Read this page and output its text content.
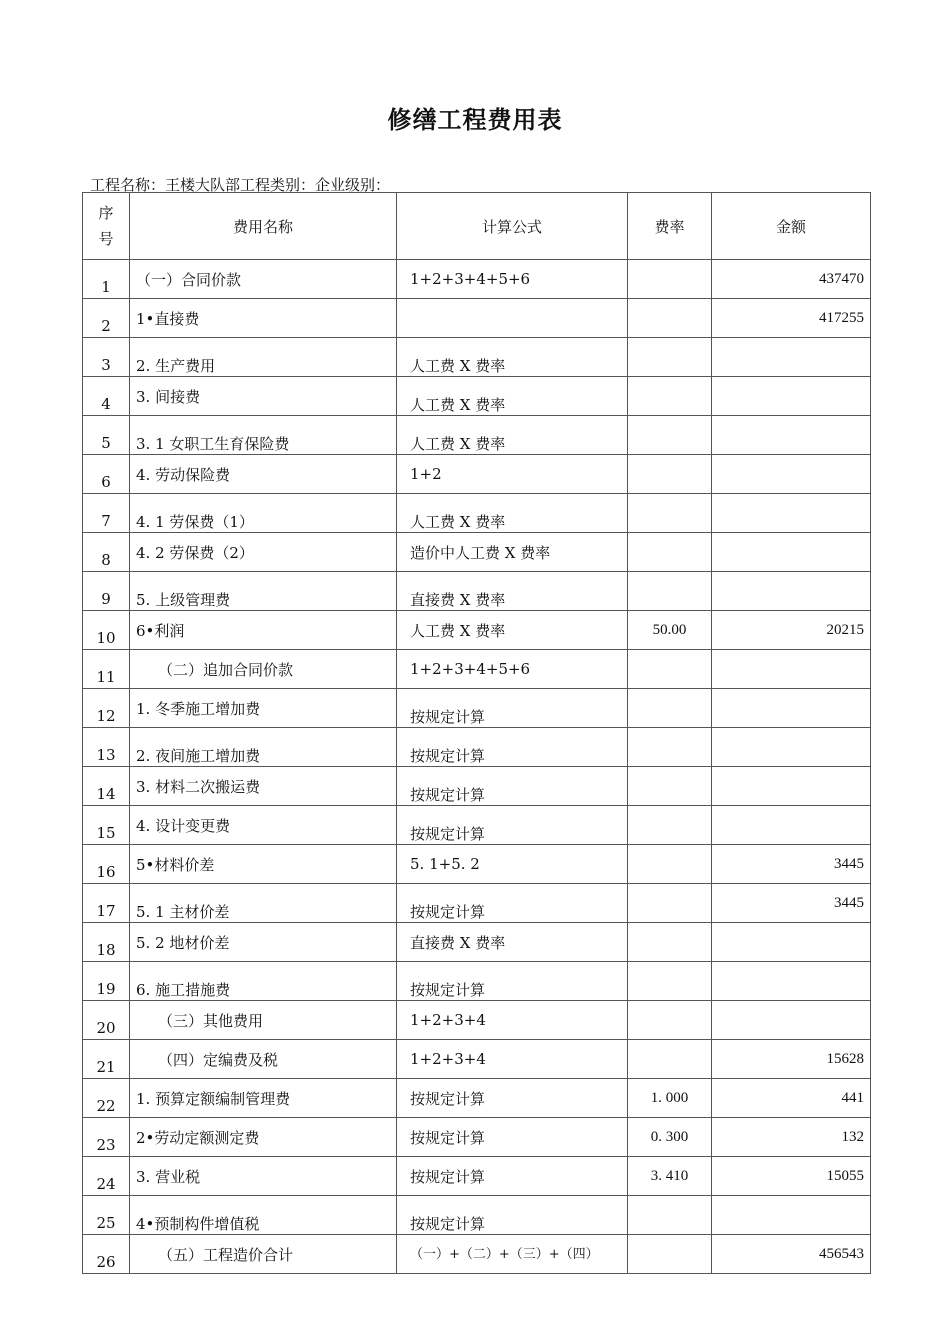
修缮工程费用表
工程名称：王楼大队部工程类别：企业级别：
序
号	费用名称	计算公式	费率	金额
1	（一）合同价款	1+2+3+4+5+6		437470
2	1•直接费			417255
3	2. 生产费用	人工费 X 费率		
4	3. 间接费	人工费 X 费率		
5	3. 1 女职工生育保险费	人工费 X 费率		
6	4. 劳动保险费	1+2		
7	4. 1 劳保费（1）	人工费 X 费率		
8	4. 2 劳保费（2）	造价中人工费 X 费率		
9	5. 上级管理费	直接费 X 费率		
10	6•利润	人工费 X 费率	50.00	20215
11	（二）追加合同价款	1+2+3+4+5+6		
12	1. 冬季施工增加费	按规定计算		
13	2. 夜间施工增加费	按规定计算		
14	3. 材料二次搬运费	按规定计算		
15	4. 设计变更费	按规定计算		
16	5•材料价差	5. 1+5. 2		3445
17	5. 1 主材价差	按规定计算		3445
18	5. 2 地材价差	直接费 X 费率		
19	6. 施工措施费	按规定计算		
20	（三）其他费用	1+2+3+4		
21	（四）定编费及税	1+2+3+4		15628
22	1. 预算定额编制管理费	按规定计算	1. 000	441
23	2•劳动定额测定费	按规定计算	0. 300	132
24	3. 营业税	按规定计算	3. 410	15055
25	4•预制构件增值税	按规定计算		
26	（五）工程造价合计	（一）+（二）+（三）+（四）		456543
